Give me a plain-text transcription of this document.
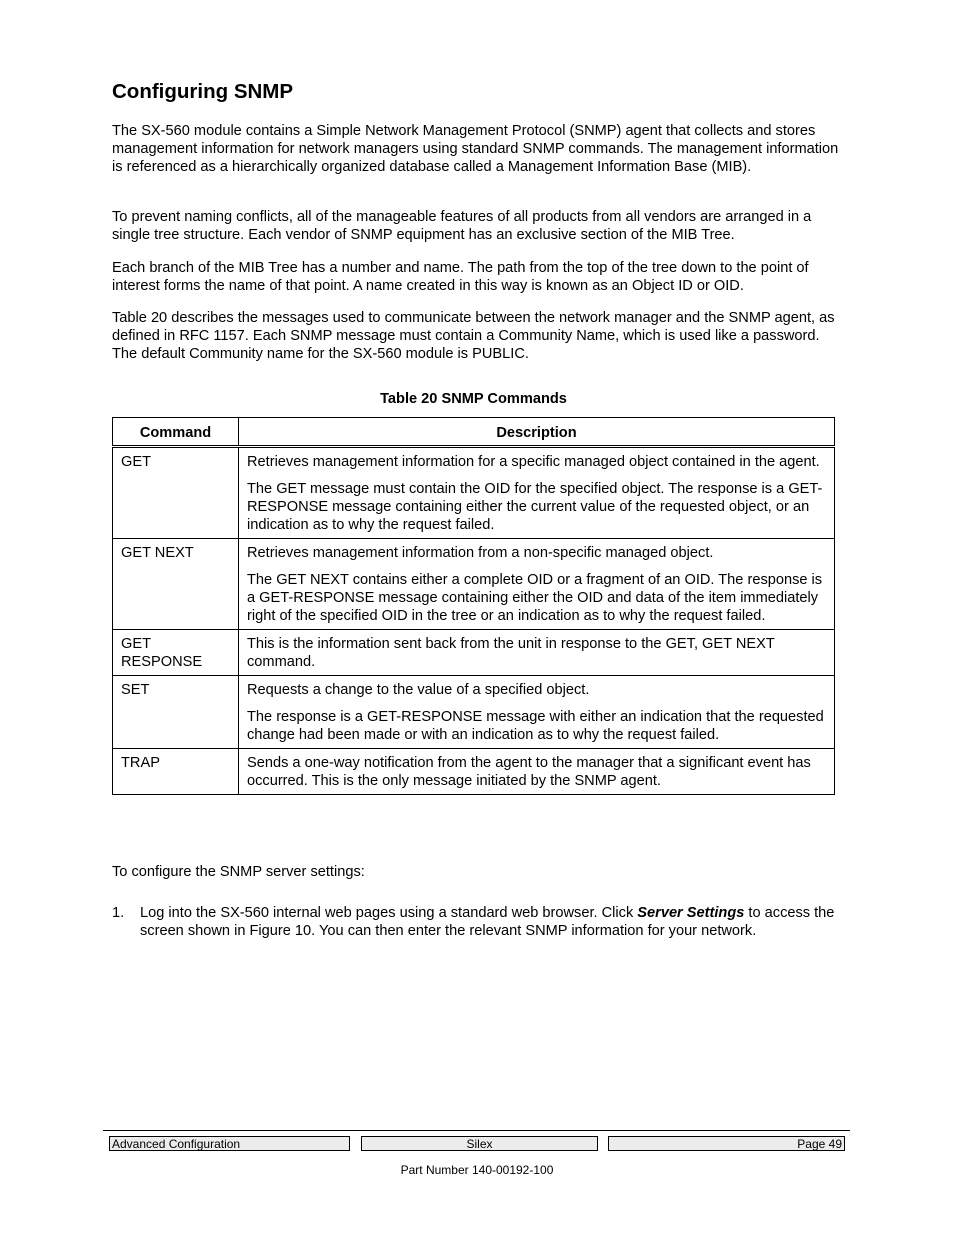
Configuring SNMP

The SX-560 module contains a Simple Network Management Protocol (SNMP) agent that collects and stores management information for network managers using standard SNMP commands. The management information is referenced as a hierarchically organized database called a Management Information Base (MIB).

To prevent naming conflicts, all of the manageable features of all products from all vendors are arranged in a single tree structure. Each vendor of SNMP equipment has an exclusive section of the MIB Tree.

Each branch of the MIB Tree has a number and name. The path from the top of the tree down to the point of interest forms the name of that point. A name created in this way is known as an Object ID or OID.

Table 20 describes the messages used to communicate between the network manager and the SNMP agent, as defined in RFC 1157. Each SNMP message must contain a Community Name, which is used like a password. The default Community name for the SX-560 module is PUBLIC.

Table 20 SNMP Commands
Command	Description
GET	Retrieves management information for a specific managed object contained in the agent.

The GET message must contain the OID for the specified object. The response is a GET-RESPONSE message containing either the current value of the requested object, or an indication as to why the request failed.

GET NEXT	Retrieves management information from a non-specific managed object.

The GET NEXT contains either a complete OID or a fragment of an OID. The response is a GET-RESPONSE message containing either the OID and data of the item immediately right of the specified OID in the tree or an indication as to why the request failed.

GET
RESPONSE	This is the information sent back from the unit in response to the GET, GET NEXT command.

SET	Requests a change to the value of a specified object.

The response is a GET-RESPONSE message with either an indication that the requested change had been made or with an indication as to why the request failed.

TRAP	Sends a one-way notification from the agent to the manager that a significant event has occurred. This is the only message initiated by the SNMP agent.

To configure the SNMP server settings:

1. Log into the SX-560 internal web pages using a standard web browser. Click Server Settings to access the screen shown in Figure 10. You can then enter the relevant SNMP information for your network.
Advanced Configuration	Silex	Page 49
Part Number 140-00192-100
